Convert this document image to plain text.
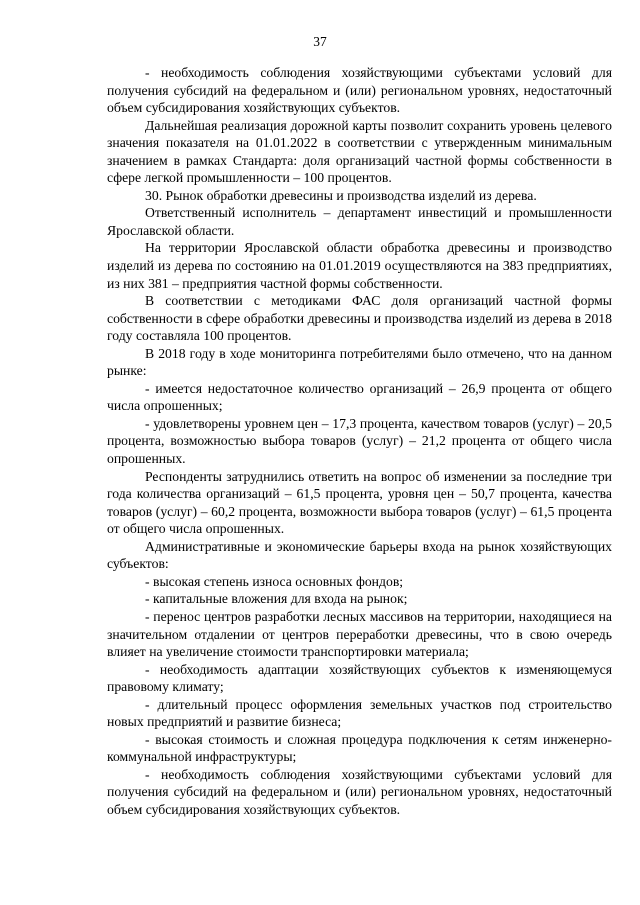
37

- необходимость соблюдения хозяйствующими субъектами условий для получения субсидий на федеральном и (или) региональном уровнях, недостаточный объем субсидирования хозяйствующих субъектов.

Дальнейшая реализация дорожной карты позволит сохранить уровень целевого значения показателя на 01.01.2022 в соответствии с утвержденным минимальным значением в рамках Стандарта: доля организаций частной формы собственности в сфере легкой промышленности – 100 процентов.

30. Рынок обработки древесины и производства изделий из дерева.

Ответственный исполнитель – департамент инвестиций и промышленности Ярославской области.

На территории Ярославской области обработка древесины и производство изделий из дерева по состоянию на 01.01.2019 осуществляются на 383 предприятиях, из них 381 – предприятия частной формы собственности.

В соответствии с методиками ФАС доля организаций частной формы собственности в сфере обработки древесины и производства изделий из дерева в 2018 году составляла 100 процентов.

В 2018 году в ходе мониторинга потребителями было отмечено, что на данном рынке:

- имеется недостаточное количество организаций – 26,9 процента от общего числа опрошенных;

- удовлетворены уровнем цен – 17,3 процента, качеством товаров (услуг) – 20,5 процента, возможностью выбора товаров (услуг) – 21,2 процента от общего числа опрошенных.

Респонденты затруднились ответить на вопрос об изменении за последние три года количества организаций – 61,5 процента, уровня цен – 50,7 процента, качества товаров (услуг) – 60,2 процента, возможности выбора товаров (услуг) – 61,5 процента от общего числа опрошенных.

Административные и экономические барьеры входа на рынок хозяйствующих субъектов:

- высокая степень износа основных фондов;

- капитальные вложения для входа на рынок;

- перенос центров разработки лесных массивов на территории, находящиеся на значительном отдалении от центров переработки древесины, что в свою очередь влияет на увеличение стоимости транспортировки материала;

- необходимость адаптации хозяйствующих субъектов к изменяющемуся правовому климату;

- длительный процесс оформления земельных участков под строительство новых предприятий и развитие бизнеса;

- высокая стоимость и сложная процедура подключения к сетям инженерно-коммунальной инфраструктуры;

- необходимость соблюдения хозяйствующими субъектами условий для получения субсидий на федеральном и (или) региональном уровнях, недостаточный объем субсидирования хозяйствующих субъектов.
